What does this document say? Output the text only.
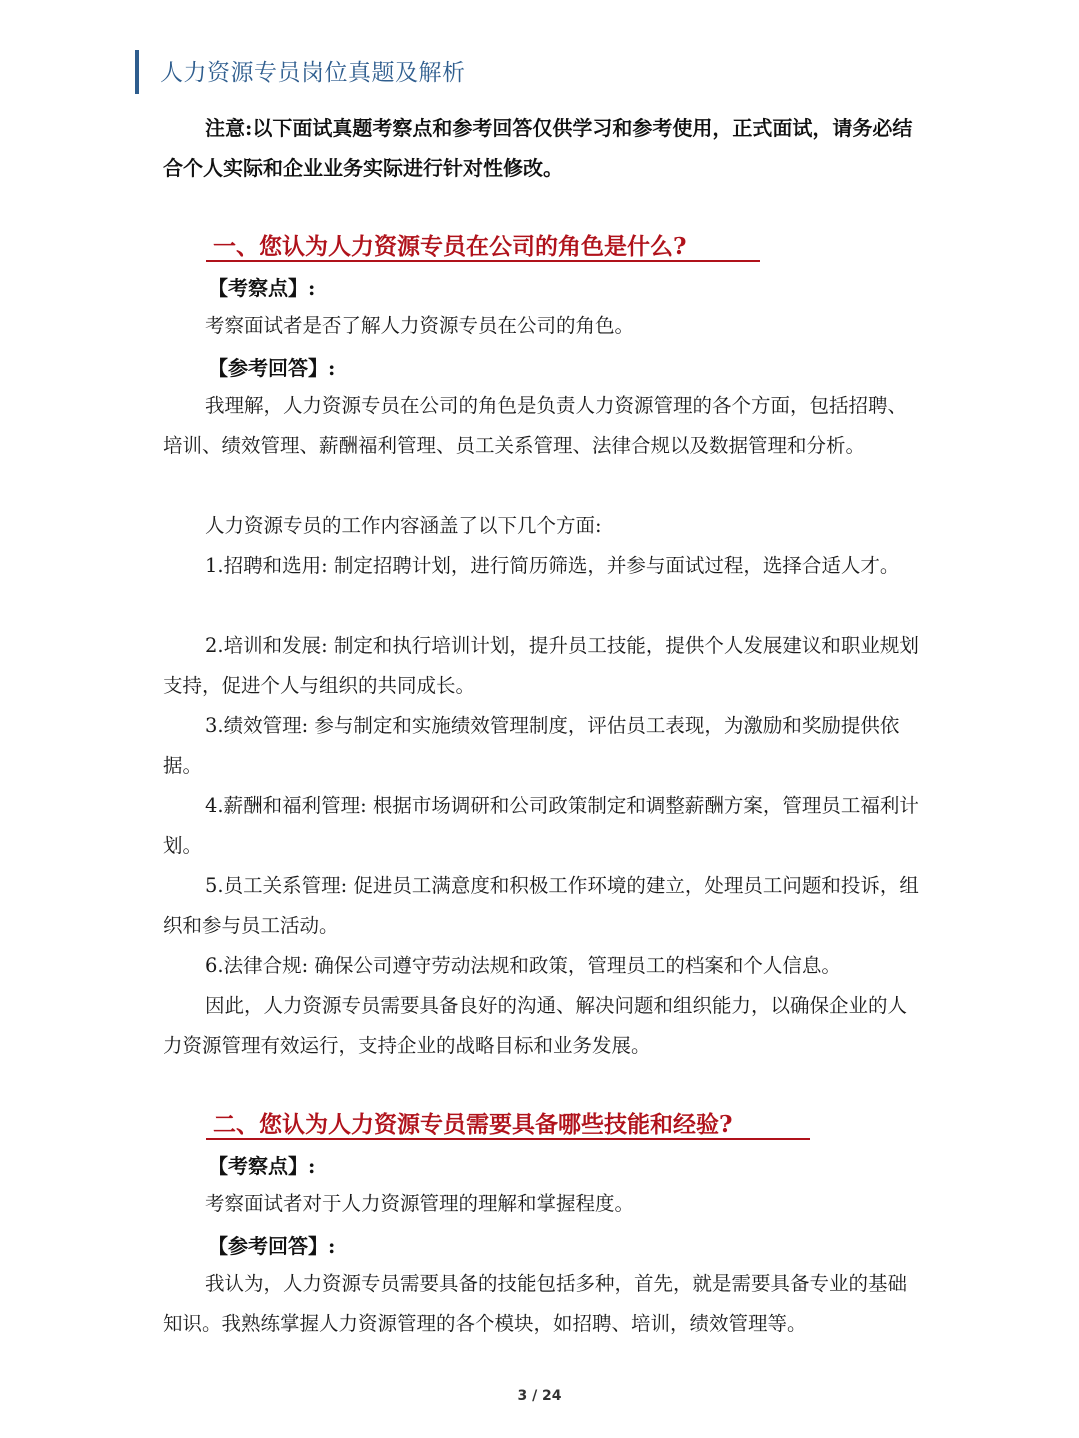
人力资源专员岗位真题及解析
注意:以下面试真题考察点和参考回答仅供学习和参考使用，正式面试，请务必结合个人实际和企业业务实际进行针对性修改。
一、您认为人力资源专员在公司的角色是什么?
【考察点】:
考察面试者是否了解人力资源专员在公司的角色。
【参考回答】:
我理解，人力资源专员在公司的角色是负责人力资源管理的各个方面，包括招聘、培训、绩效管理、薪酬福利管理、员工关系管理、法律合规以及数据管理和分析。
人力资源专员的工作内容涵盖了以下几个方面:
1.招聘和选用: 制定招聘计划，进行简历筛选，并参与面试过程，选择合适人才。
2.培训和发展: 制定和执行培训计划，提升员工技能，提供个人发展建议和职业规划支持，促进个人与组织的共同成长。
3.绩效管理: 参与制定和实施绩效管理制度，评估员工表现，为激励和奖励提供依据。
4.薪酬和福利管理: 根据市场调研和公司政策制定和调整薪酬方案，管理员工福利计划。
5.员工关系管理: 促进员工满意度和积极工作环境的建立，处理员工问题和投诉，组织和参与员工活动。
6.法律合规: 确保公司遵守劳动法规和政策，管理员工的档案和个人信息。
因此，人力资源专员需要具备良好的沟通、解决问题和组织能力，以确保企业的人力资源管理有效运行，支持企业的战略目标和业务发展。
二、您认为人力资源专员需要具备哪些技能和经验?
【考察点】:
考察面试者对于人力资源管理的理解和掌握程度。
【参考回答】:
我认为，人力资源专员需要具备的技能包括多种，首先，就是需要具备专业的基础知识。我熟练掌握人力资源管理的各个模块，如招聘、培训，绩效管理等。
3 / 24
